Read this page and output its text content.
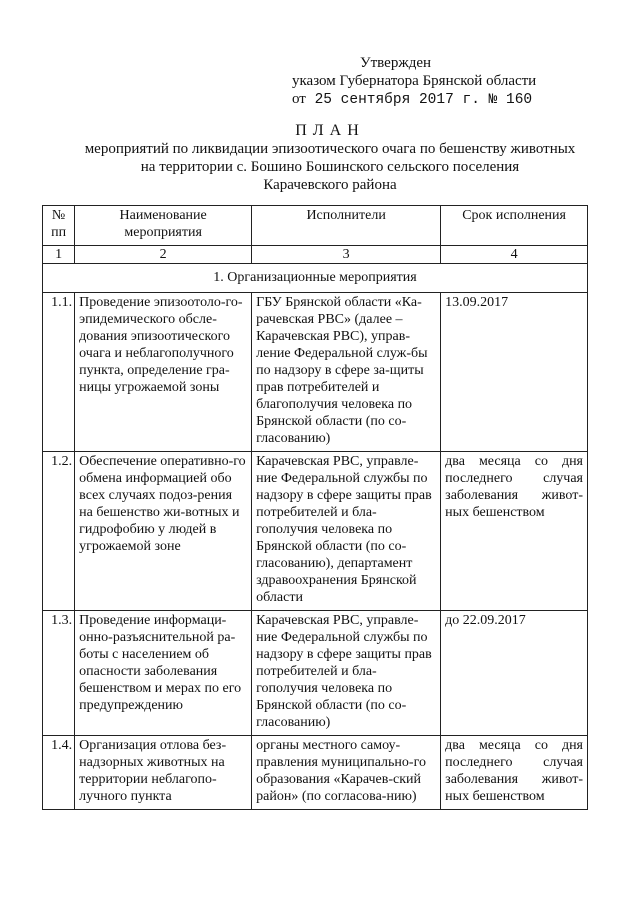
Утвержден
указом Губернатора Брянской области
от 25 сентября 2017 г. № 160
ПЛАН
мероприятий по ликвидации эпизоотического очага по бешенству животных
на территории с. Бошино Бошинского сельского поселения
Карачевского района
№ пп	Наименование мероприятия	Исполнители	Срок исполнения
1	2	3	4
1. Организационные мероприятия			
1.1.	Проведение эпизоотоло-го-эпидемического обсле-дования эпизоотического очага и неблагополучного пункта, определение гра-ницы угрожаемой зоны	ГБУ Брянской области «Ка-рачевская РВС» (далее – Карачевская РВС), управ-ление Федеральной служ-бы по надзору в сфере за-щиты прав потребителей и благополучия человека по Брянской области (по со-гласованию)	13.09.2017
1.2.	Обеспечение оперативно-го обмена информацией обо всех случаях подоз-рения на бешенство жи-вотных и гидрофобию у людей в угрожаемой зоне	Карачевская РВС, управле-ние Федеральной службы по надзору в сфере защиты прав потребителей и бла-гополучия человека по Брянской области (по со-гласованию), департамент здравоохранения Брянской области	два месяца со дня последнего случая заболевания живот-ных бешенством
1.3.	Проведение информаци-онно-разъяснительной ра-боты с населением об опасности заболевания бешенством и мерах по его предупреждению	Карачевская РВС, управле-ние Федеральной службы по надзору в сфере защиты прав потребителей и бла-гополучия человека по Брянской области (по со-гласованию)	до 22.09.2017
1.4.	Организация отлова без-надзорных животных на территории неблагопо-лучного пункта	органы местного самоу-правления муниципально-го образования «Карачев-ский район» (по согласова-нию)	два месяца со дня последнего случая заболевания живот-ных бешенством
